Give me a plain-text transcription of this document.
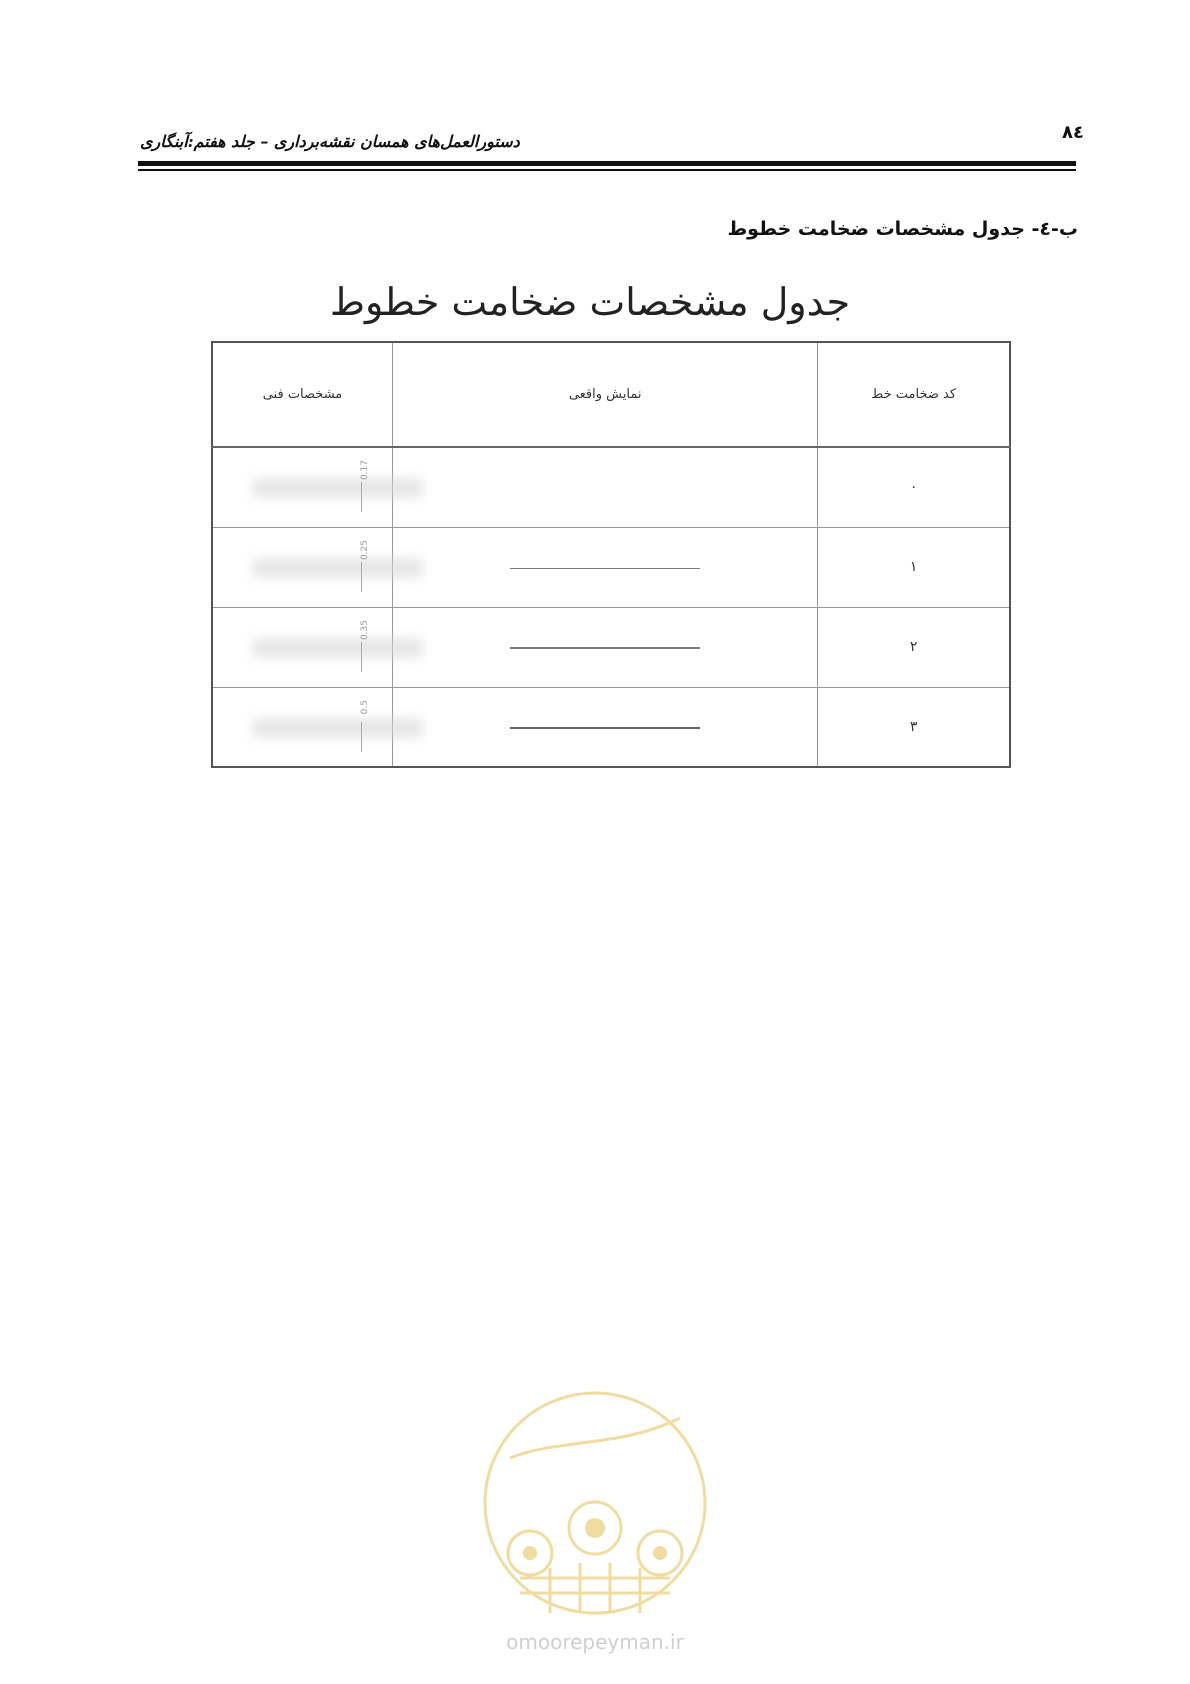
٨٤
دستورالعمل‌های همسان نقشه‌برداری – جلد هفتم:آبنگاری
ب-٤- جدول مشخصات ضخامت خطوط
جدول مشخصات ضخامت خطوط
کد ضخامت خط	نمایش واقعی	مشخصات فنی
٠		0.17

١		0.25

٢		0.35

٣		0.5
omoorepeyman.ir
